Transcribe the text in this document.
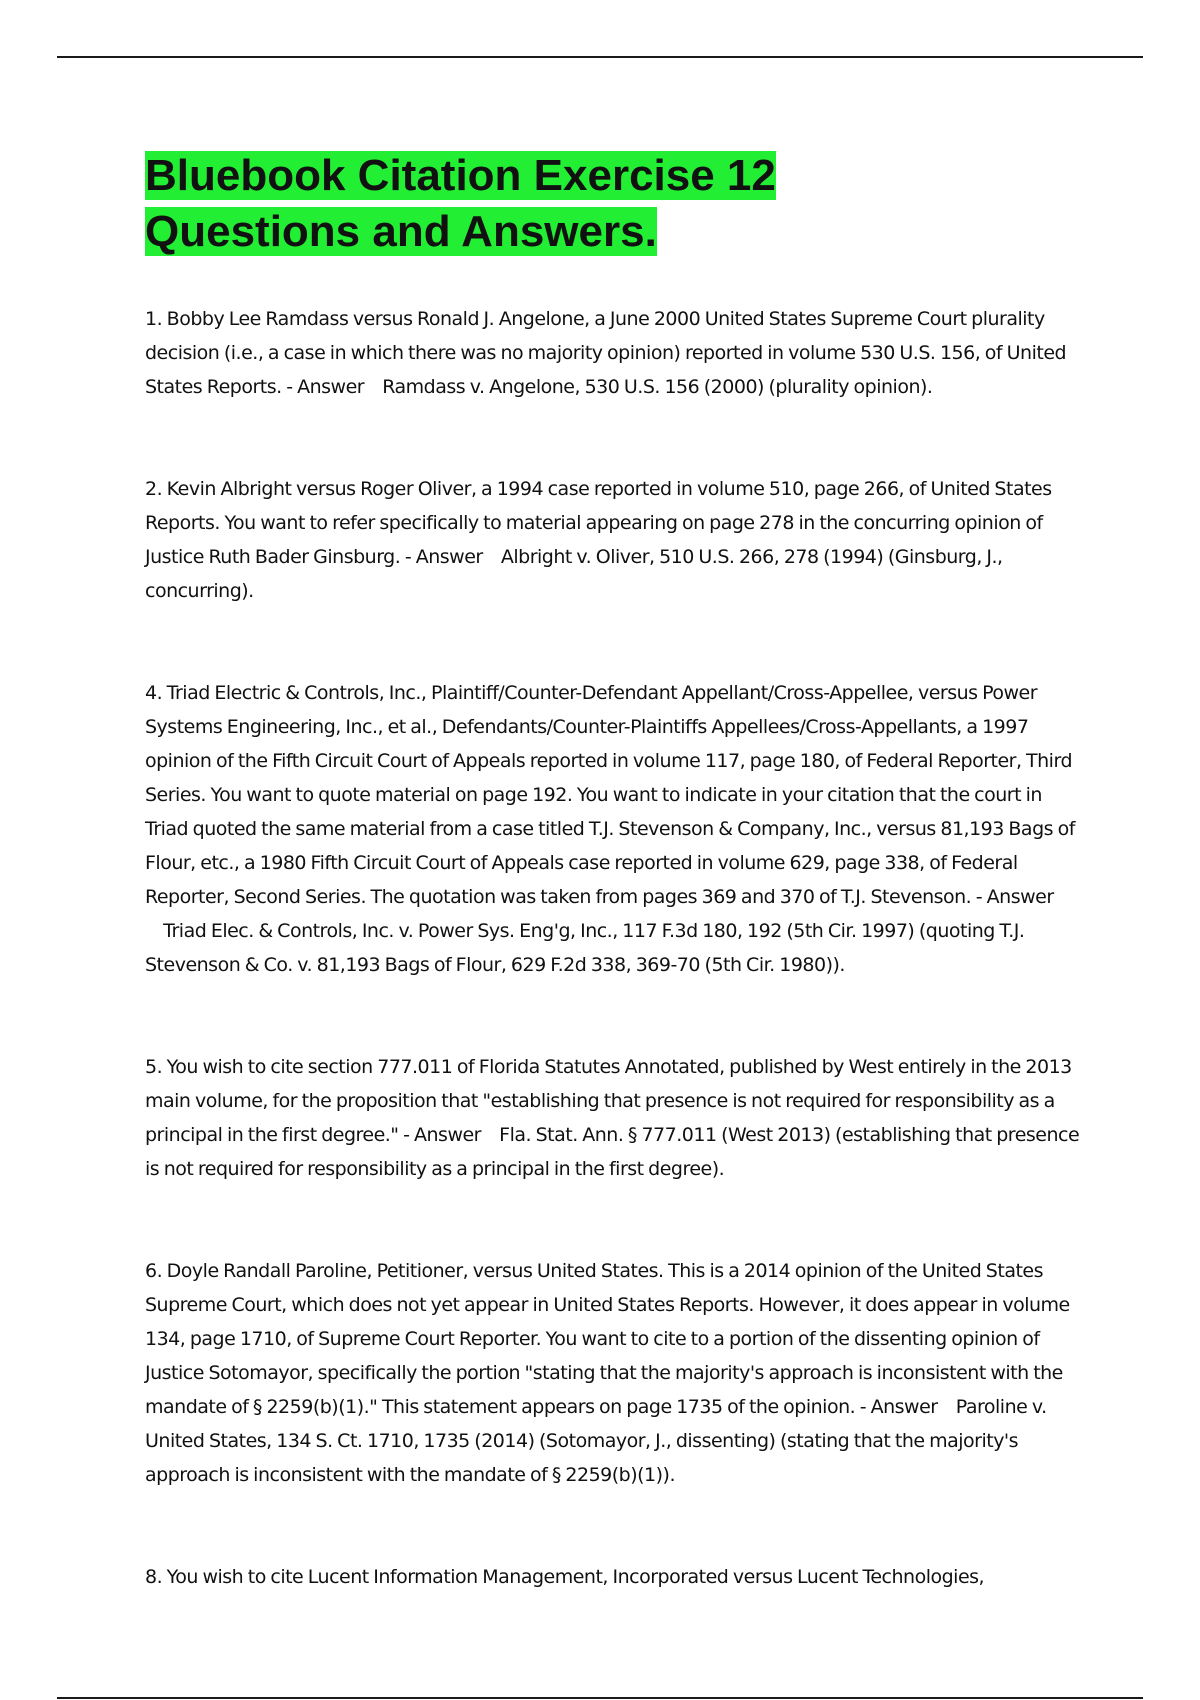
Bluebook Citation Exercise 12
Questions and Answers.

1. Bobby Lee Ramdass versus Ronald J. Angelone, a June 2000 United States Supreme Court plurality decision (i.e., a case in which there was no majority opinion) reported in volume 530 U.S. 156, of United States Reports. - Answer Ramdass v. Angelone, 530 U.S. 156 (2000) (plurality opinion).

2. Kevin Albright versus Roger Oliver, a 1994 case reported in volume 510, page 266, of United States Reports. You want to refer specifically to material appearing on page 278 in the concurring opinion of Justice Ruth Bader Ginsburg. - Answer Albright v. Oliver, 510 U.S. 266, 278 (1994) (Ginsburg, J., concurring).

4. Triad Electric & Controls, Inc., Plaintiff/Counter-Defendant Appellant/Cross-Appellee, versus Power Systems Engineering, Inc., et al., Defendants/Counter-Plaintiffs Appellees/Cross-Appellants, a 1997 opinion of the Fifth Circuit Court of Appeals reported in volume 117, page 180, of Federal Reporter, Third Series. You want to quote material on page 192. You want to indicate in your citation that the court in Triad quoted the same material from a case titled T.J. Stevenson & Company, Inc., versus 81,193 Bags of Flour, etc., a 1980 Fifth Circuit Court of Appeals case reported in volume 629, page 338, of Federal Reporter, Second Series. The quotation was taken from pages 369 and 370 of T.J. Stevenson. - Answer    Triad Elec. & Controls, Inc. v. Power Sys. Eng'g, Inc., 117 F.3d 180, 192 (5th Cir. 1997) (quoting T.J. Stevenson & Co. v. 81,193 Bags of Flour, 629 F.2d 338, 369-70 (5th Cir. 1980)).

5. You wish to cite section 777.011 of Florida Statutes Annotated, published by West entirely in the 2013 main volume, for the proposition that "establishing that presence is not required for responsibility as a principal in the first degree." - Answer Fla. Stat. Ann. § 777.011 (West 2013) (establishing that presence is not required for responsibility as a principal in the first degree).

6. Doyle Randall Paroline, Petitioner, versus United States. This is a 2014 opinion of the United States Supreme Court, which does not yet appear in United States Reports. However, it does appear in volume 134, page 1710, of Supreme Court Reporter. You want to cite to a portion of the dissenting opinion of Justice Sotomayor, specifically the portion "stating that the majority's approach is inconsistent with the mandate of § 2259(b)(1)." This statement appears on page 1735 of the opinion. - Answer Paroline v. United States, 134 S. Ct. 1710, 1735 (2014) (Sotomayor, J., dissenting) (stating that the majority's approach is inconsistent with the mandate of § 2259(b)(1)).

8. You wish to cite Lucent Information Management, Incorporated versus Lucent Technologies,
